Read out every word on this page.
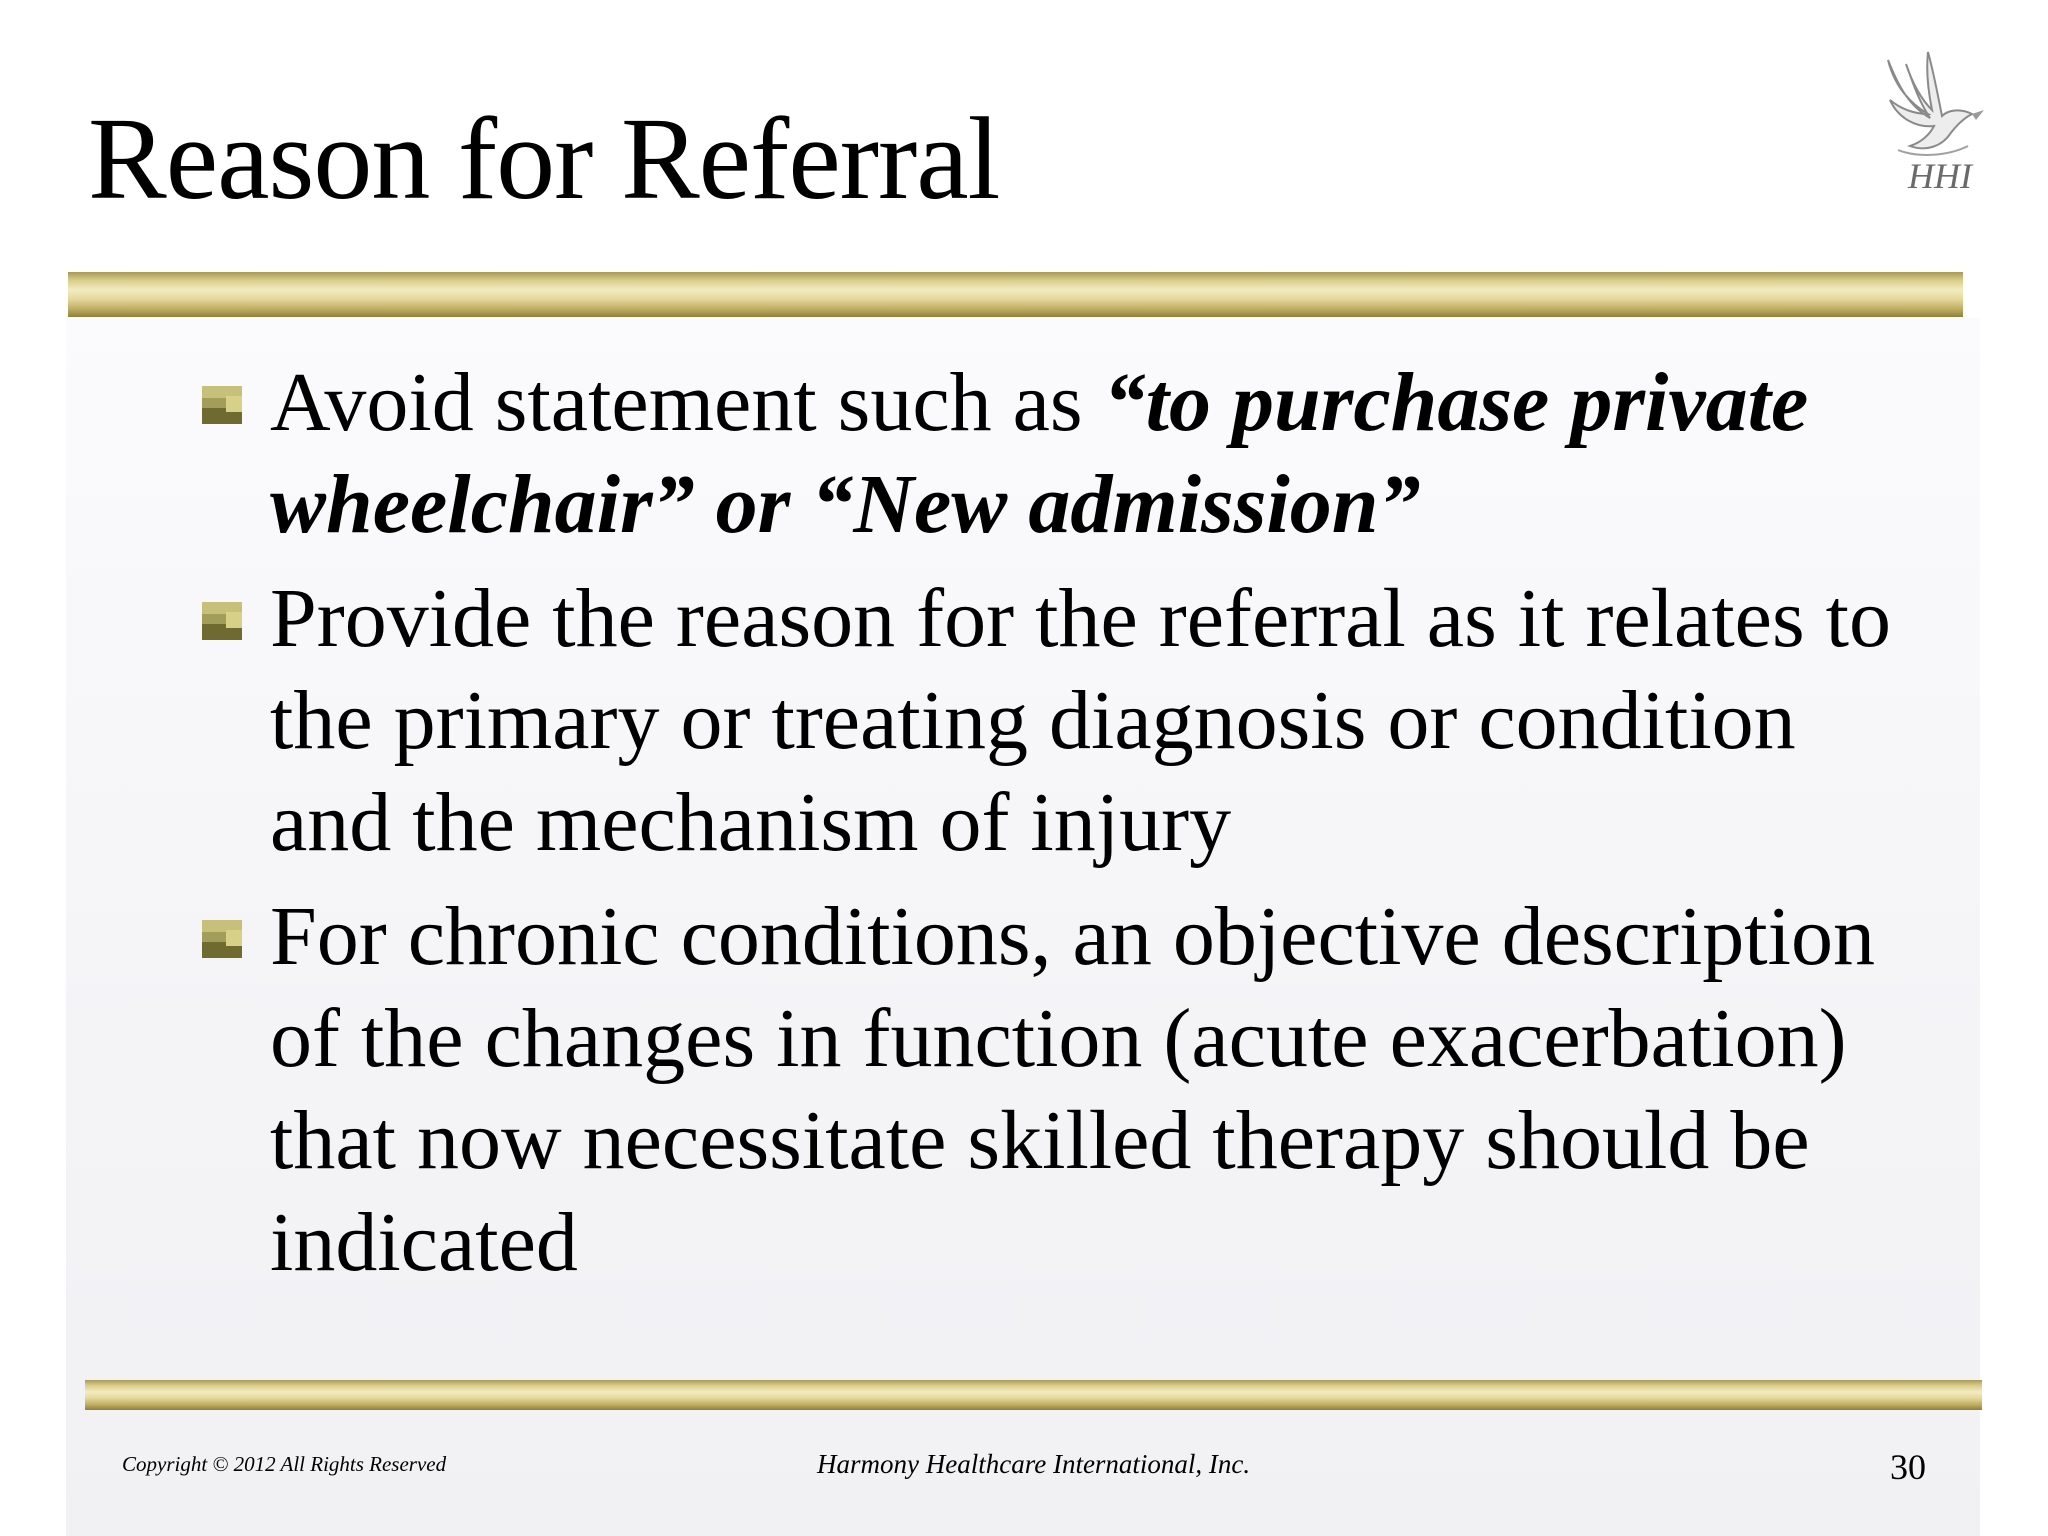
Reason for Referral	HHI
Avoid statement such as “to purchase private wheelchair” or “New admission”
Provide the reason for the referral as it relates to the primary or treating diagnosis or condition and the mechanism of injury
For chronic conditions, an objective description of the changes in function (acute exacerbation) that now necessitate skilled therapy should be indicated
Copyright © 2012 All Rights Reserved	Harmony Healthcare International, Inc.	30
